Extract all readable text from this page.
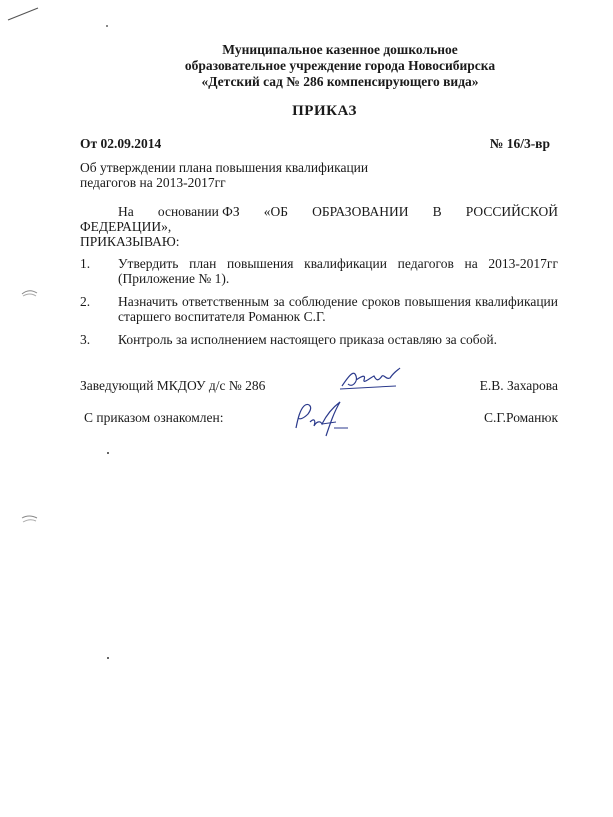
Муниципальное казенное дошкольное
образовательное учреждение города Новосибирска
«Детский сад № 286 компенсирующего вида»
ПРИКАЗ
От 02.09.2014	№ 16/3-вр
Об утверждении плана повышения квалификации
педагогов на 2013-2017гг
На основании ФЗ «ОБ ОБРАЗОВАНИИ В РОССИЙСКОЙ
ФЕДЕРАЦИИ»,
ПРИКАЗЫВАЮ:
1.	Утвердить план повышения квалификации педагогов на 2013-2017гг (Приложение № 1).
2.	Назначить ответственным за соблюдение сроков повышения квалификации старшего воспитателя Романюк С.Г.
3.	Контроль за исполнением настоящего приказа оставляю за собой.
Заведующий МКДОУ д/с № 286	Е.В. Захарова
С приказом ознакомлен:	С.Г.Романюк
